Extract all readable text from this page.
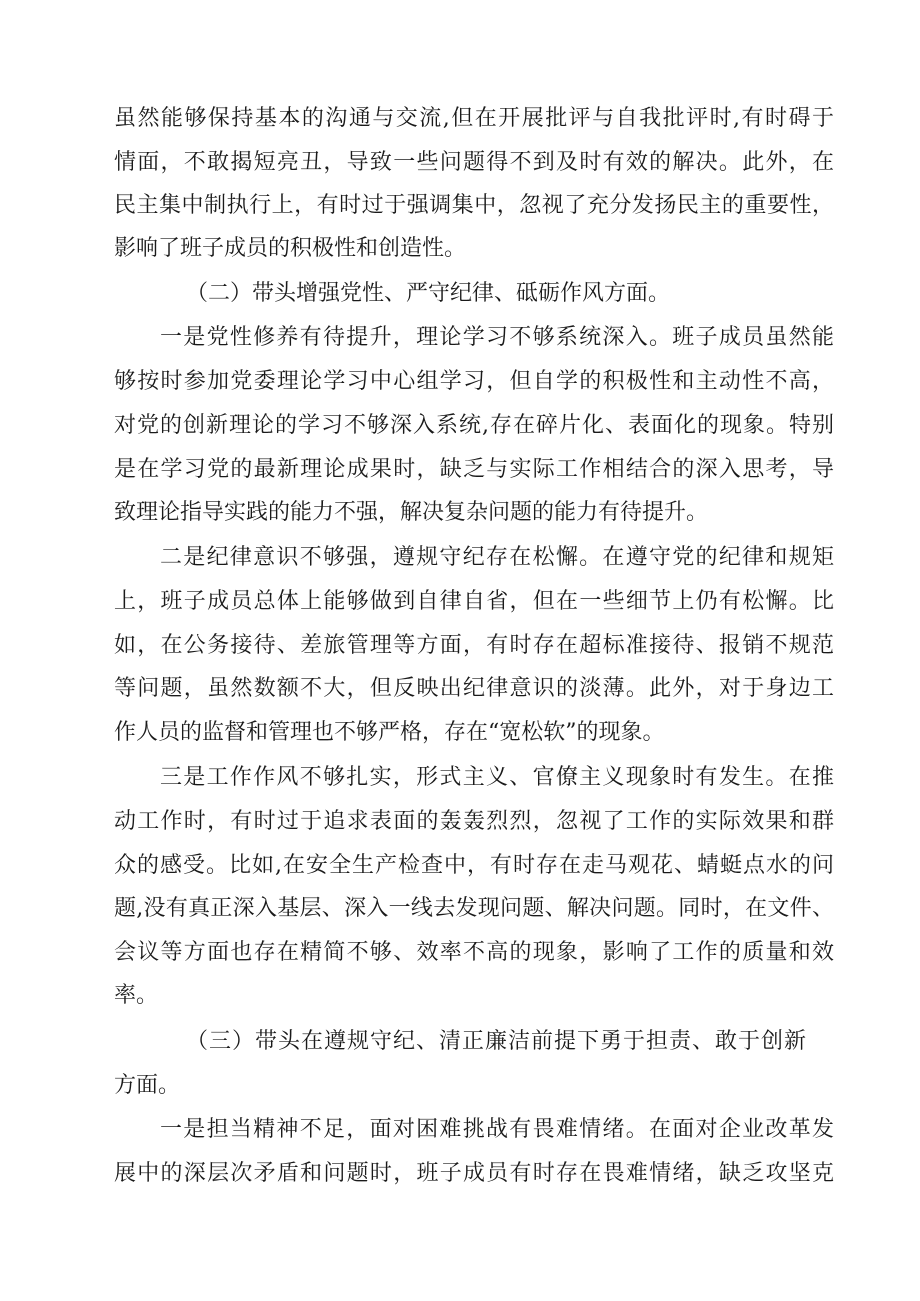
虽然能够保持基本的沟通与交流,但在开展批评与自我批评时,有时碍于

情面，不敢揭短亮丑，导致一些问题得不到及时有效的解决。此外，在

民主集中制执行上，有时过于强调集中，忽视了充分发扬民主的重要性，

影响了班子成员的积极性和创造性。

（二）带头增强党性、严守纪律、砥砺作风方面。

一是党性修养有待提升，理论学习不够系统深入。班子成员虽然能

够按时参加党委理论学习中心组学习，但自学的积极性和主动性不高，

对党的创新理论的学习不够深入系统,存在碎片化、表面化的现象。特别

是在学习党的最新理论成果时，缺乏与实际工作相结合的深入思考，导

致理论指导实践的能力不强，解决复杂问题的能力有待提升。

二是纪律意识不够强，遵规守纪存在松懈。在遵守党的纪律和规矩

上，班子成员总体上能够做到自律自省，但在一些细节上仍有松懈。比

如，在公务接待、差旅管理等方面，有时存在超标准接待、报销不规范

等问题，虽然数额不大，但反映出纪律意识的淡薄。此外，对于身边工

作人员的监督和管理也不够严格，存在“宽松软”的现象。

三是工作作风不够扎实，形式主义、官僚主义现象时有发生。在推

动工作时，有时过于追求表面的轰轰烈烈，忽视了工作的实际效果和群

众的感受。比如,在安全生产检查中，有时存在走马观花、蜻蜓点水的问

题,没有真正深入基层、深入一线去发现问题、解决问题。同时，在文件、

会议等方面也存在精简不够、效率不高的现象，影响了工作的质量和效

率。

（三）带头在遵规守纪、清正廉洁前提下勇于担责、敢于创新

方面。

一是担当精神不足，面对困难挑战有畏难情绪。在面对企业改革发

展中的深层次矛盾和问题时，班子成员有时存在畏难情绪，缺乏攻坚克
